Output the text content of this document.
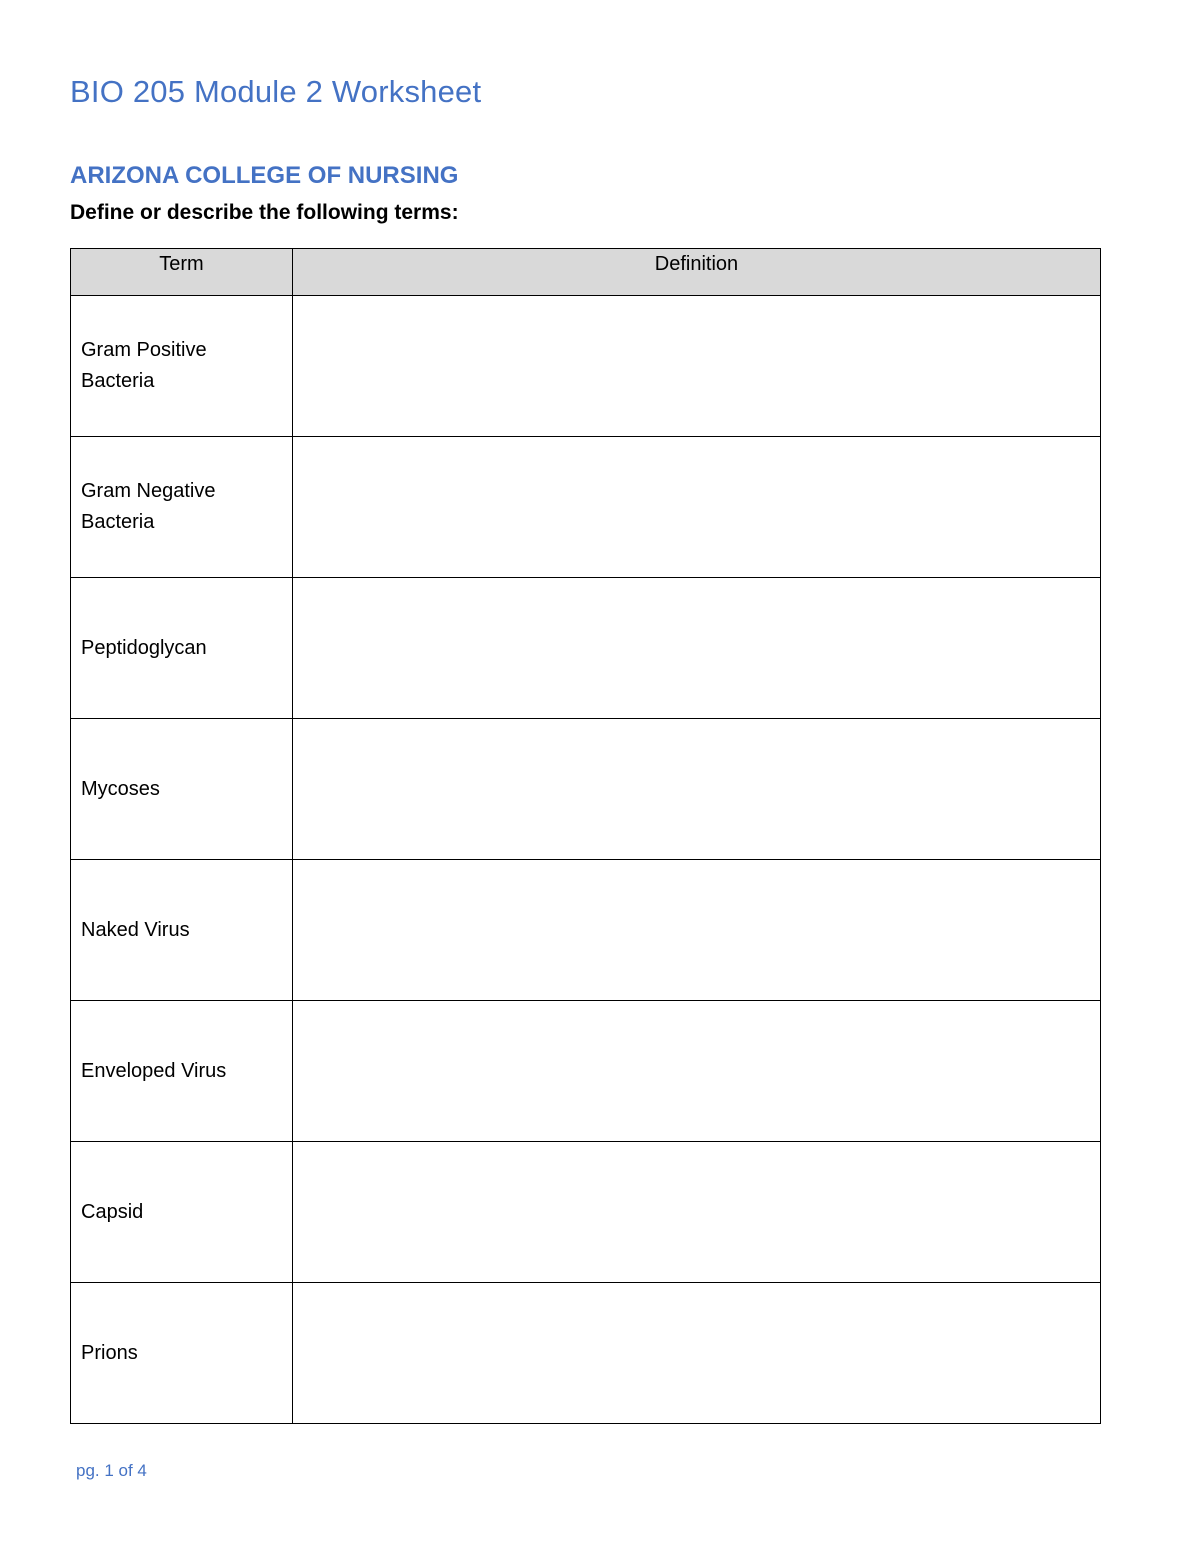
BIO 205 Module 2 Worksheet
ARIZONA COLLEGE OF NURSING

Define or describe the following terms:

Term	Definition
Gram Positive Bacteria	
Gram Negative Bacteria	
Peptidoglycan	
Mycoses	
Naked Virus	
Enveloped Virus	
Capsid	
Prions	

pg. 1 of 4
